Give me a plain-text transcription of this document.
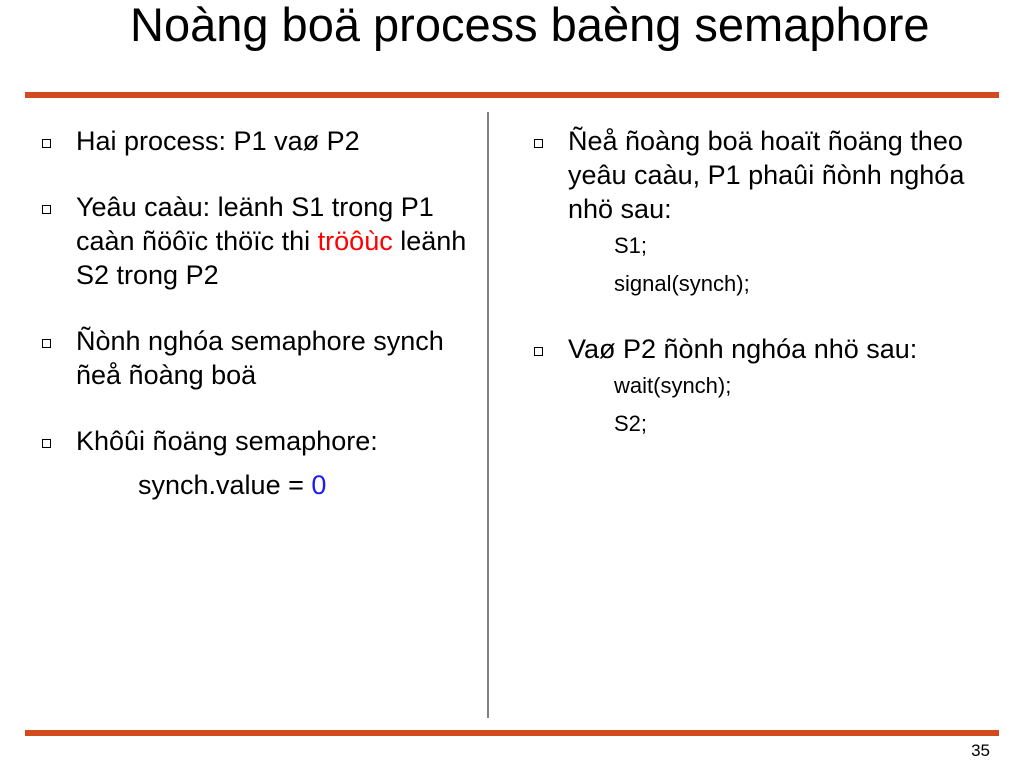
Noàng boä process baèng semaphore
Hai process: P1 vaø P2
Yeâu caàu: leänh S1 trong P1 caàn ñöôïc thöïc thi tröôùc leänh S2 trong P2
Ñònh nghóa semaphore synch ñeå ñoàng boä
Khôûi ñoäng semaphore:
synch.value = 0
Ñeå ñoàng boä hoaït ñoäng theo yeâu caàu, P1 phaûi ñònh nghóa nhö sau:

S1;

signal(synch);

Vaø P2 ñònh nghóa nhö sau:

wait(synch);

S2;

35
